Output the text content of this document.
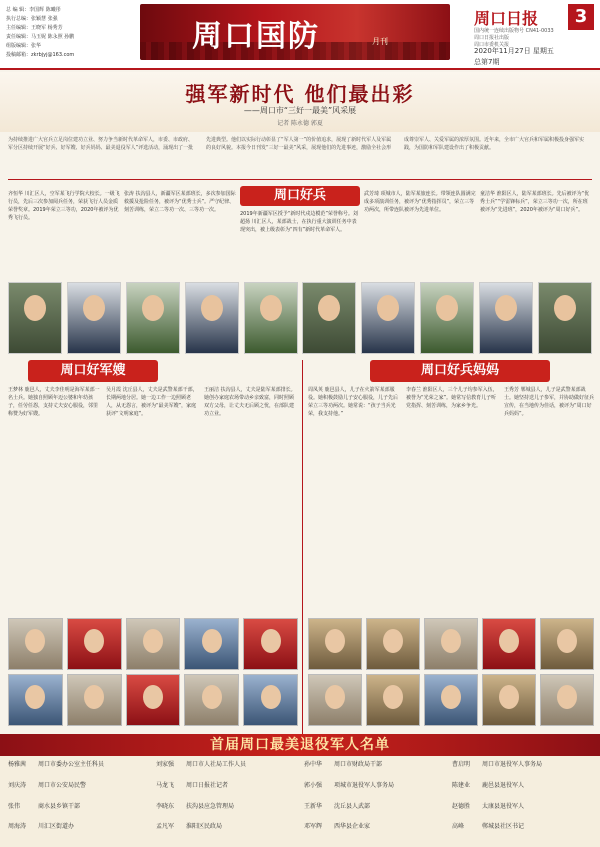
总 编 辑：李国辉 陈曦彤
执行总编：张颖慧 张强
主任编辑：王晓军 杨秀芳
责任编辑：马玉妮 陈永照 孙鹏
组版编辑：张华
投稿邮箱：zkrbjyj@163.com
周口国防	月刊
周口日报	3
国内统一连续出版物号 CN41-0033
周口日报社出版
周口市委机关报
2020年11月27日 星期五
总第7期
强军新时代 他们最出彩
——周口市“三好一最美”风采展
记者 陈永德 郭夏
为持续推进广大官兵立足岗位建功立业、努力争当新时代革命军人，市委、市政府、军分区持续开展“好兵、好军嫂、好兵妈妈、最美退役军人”评选活动，涌现出了一批先进典型。他们以实际行动彰显了“军人第一”的价值追求，展现了新时代军人及军属的良好风貌。本报今日刊发“三好一最美”风采，展现他们的先进事迹，激励全社会形成尊崇军人、关爱军属的浓厚氛围。近年来，全市广大官兵和军属积极投身强军实践，为国防和军队建设作出了积极贡献。
周口好兵
齐恒华 川汇区人，空军某飞行学院大校长。一级飞行员，先后三次参加阅兵任务，荣获飞行人员金质荣誉奖章。2019年荣立三等功，2020年被评为优秀飞行员。
张涛 扶沟县人，新疆军区某部班长，多次参加国际救援及抢险任务，被评为“优秀士兵”。严守纪律、刻苦训练，荣立二等功一次、三等功一次。
2019年新疆军区授予“新时代戍边模范”荣誉称号。刘超扬 川汇区人，某部战士，在执行重大演训任务中表现突出，被上级表彰为“四有”新时代革命军人。
武芳琦 项城市人，陆军某旅连长。带领连队圆满完成多项演训任务，被评为“优秀指挥员”，荣立三等功两次，所带连队被评为先进单位。
童洁华 淮阳区人，陆军某部班长。先后被评为“优秀士兵”“学雷锋标兵”，荣立三等功一次，所在班被评为“先进班”，2020年被评为“周口好兵”。
周口好军嫂	周口好兵妈妈
王梦林 鹿邑人，丈夫李佳明是海军某部一名士兵。她独自照顾年迈公婆和年幼孩子，任劳任怨，支持丈夫安心服役，邻里称赞为好军嫂。
吴月霞 沈丘县人，丈夫是武警某部干部，长期两地分居。她一边工作一边照顾老人，从无怨言，被评为“最美军嫂”，家庭获评“文明家庭”。
王丽洁 扶沟县人，丈夫是陆军某部排长。她创办家庭农场带动乡亲致富，同时照顾双方父母，让丈夫无后顾之忧，在部队建功立业。
周凤英 鹿邑县人，儿子在火箭军某部服役。她积极鼓励儿子安心服役，儿子先后荣立三等功两次。她常说：“孩子当兵光荣，我支持他。”
李春兰 淮阳区人，三个儿子均参军入伍，被誉为“光荣之家”。她常写信教育儿子听党指挥、刻苦训练，为家乡争光。
王秀芳 郸城县人，儿子是武警某部战士。她坚持送儿子参军，并协助做好征兵宣传，在当地传为佳话，被评为“周口好兵妈妈”。
首届周口最美退役军人名单
杨雅茜	周口市委办公室主任科员	刘家强	周口市人社局工作人员	孙中华	周口市财政局干部	曹启明	周口市退役军人事务局
刘庆涛	周口市公安局民警	马龙飞	周口日报社记者	郭小强	项城市退役军人事务局	陈建业	鹿邑县退役军人
张伟	商水县乡镇干部	李晓东	扶沟县应急管理局	王新华	沈丘县人武部	赵德胜	太康县退役军人
周海涛	川汇区街道办	孟凡军	淮阳区民政局	邓军辉	西华县企业家	高峰	郸城县社区书记
